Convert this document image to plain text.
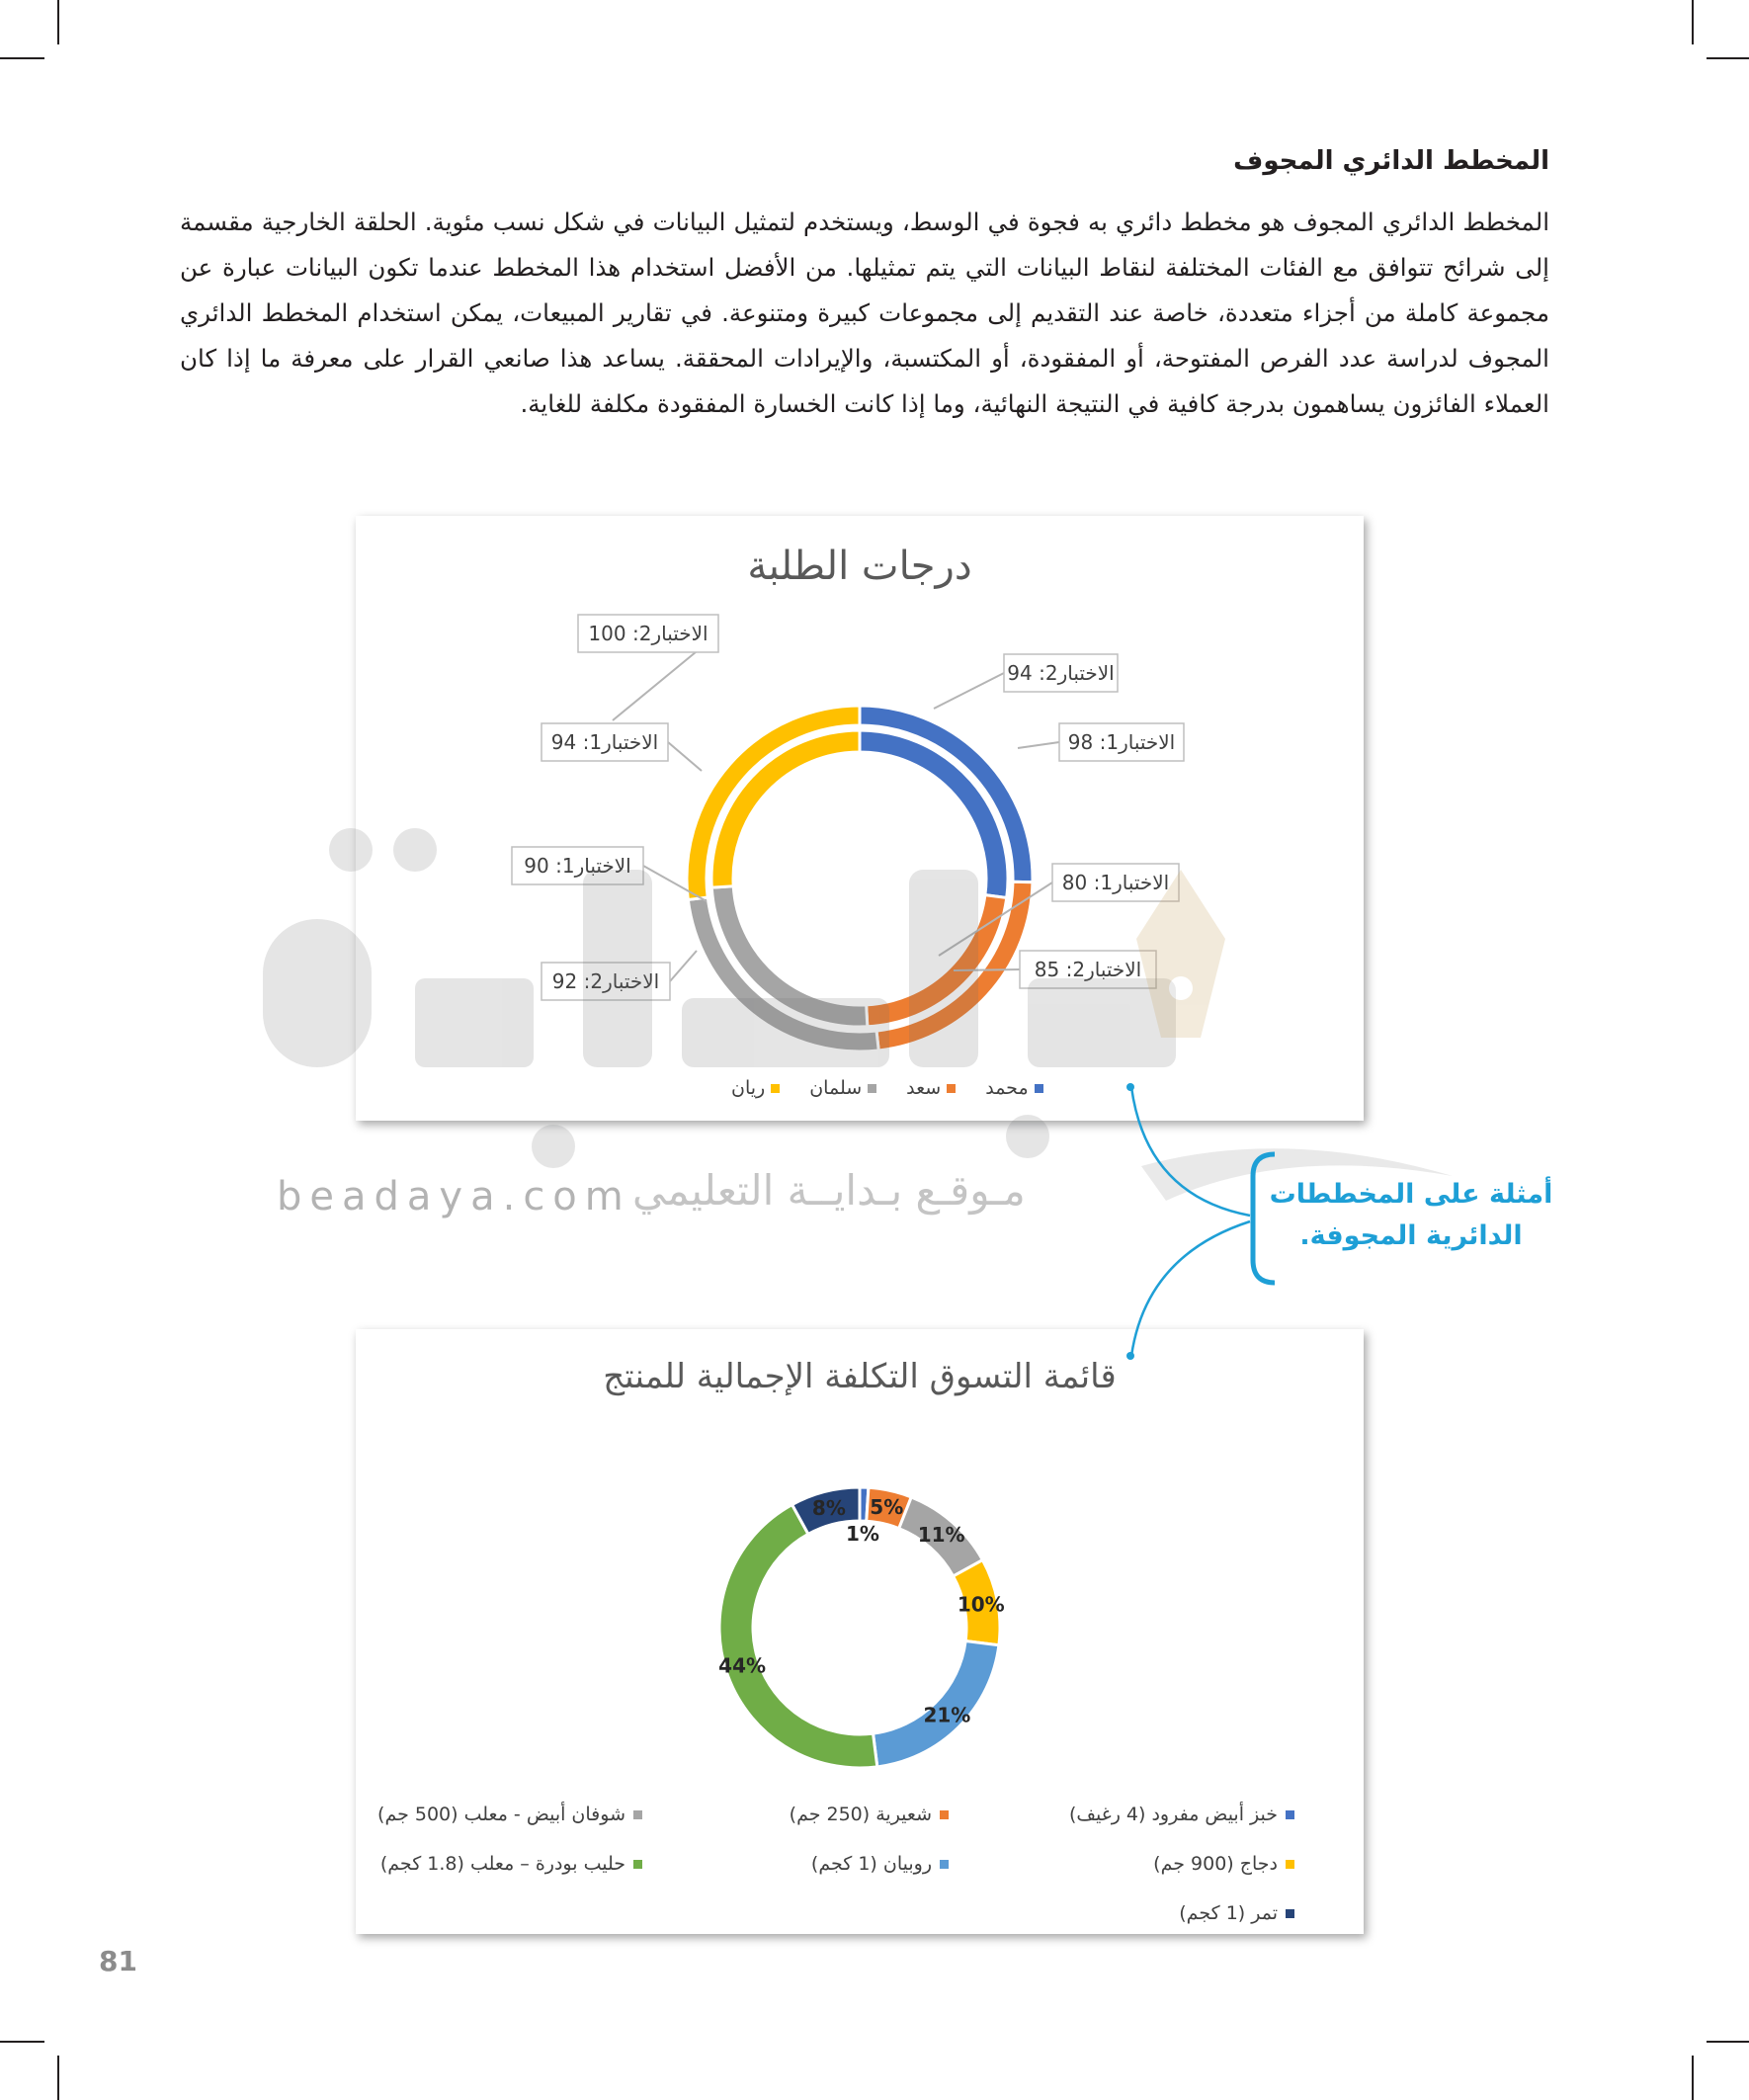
المخطط الدائري المجوف

المخطط الدائري المجوف هو مخطط دائري به فجوة في الوسط، ويستخدم لتمثيل البيانات في شكل نسب مئوية. الحلقة الخارجية مقسمة إلى شرائح تتوافق مع الفئات المختلفة لنقاط البيانات التي يتم تمثيلها. من الأفضل استخدام هذا المخطط عندما تكون البيانات عبارة عن مجموعة كاملة من أجزاء متعددة، خاصة عند التقديم إلى مجموعات كبيرة ومتنوعة. في تقارير المبيعات، يمكن استخدام المخطط الدائري المجوف لدراسة عدد الفرص المفتوحة، أو المفقودة، أو المكتسبة، والإيرادات المحققة. يساعد هذا صانعي القرار على معرفة ما إذا كان العملاء الفائزون يساهمون بدرجة كافية في النتيجة النهائية، وما إذا كانت الخسارة المفقودة مكلفة للغاية.

درجات الطلبة
الاختبار2: 94
الاختبار1: 98
الاختبار1: 80
الاختبار2: 85
الاختبار1: 90
الاختبار2: 92
الاختبار2: 100
الاختبار1: 94
محمد
سعد
سلمان
ريان
قائمة التسوق التكلفة الإجمالية للمنتج
1%
5%
11%
10%
21%
44%
8%
خبز أبيض مفرود (4 رغيف)
شعيرية (250 جم)
شوفان أبيض - معلب (500 جم)
دجاج (900 جم)
روبيان (1 كجم)
حليب بودرة – معلب (1.8 كجم)
تمر (1 كجم)
beadaya.com مـوقـع بـدايــة التعليمي	أمثلة على المخططات الدائرية المجوفة.
81
